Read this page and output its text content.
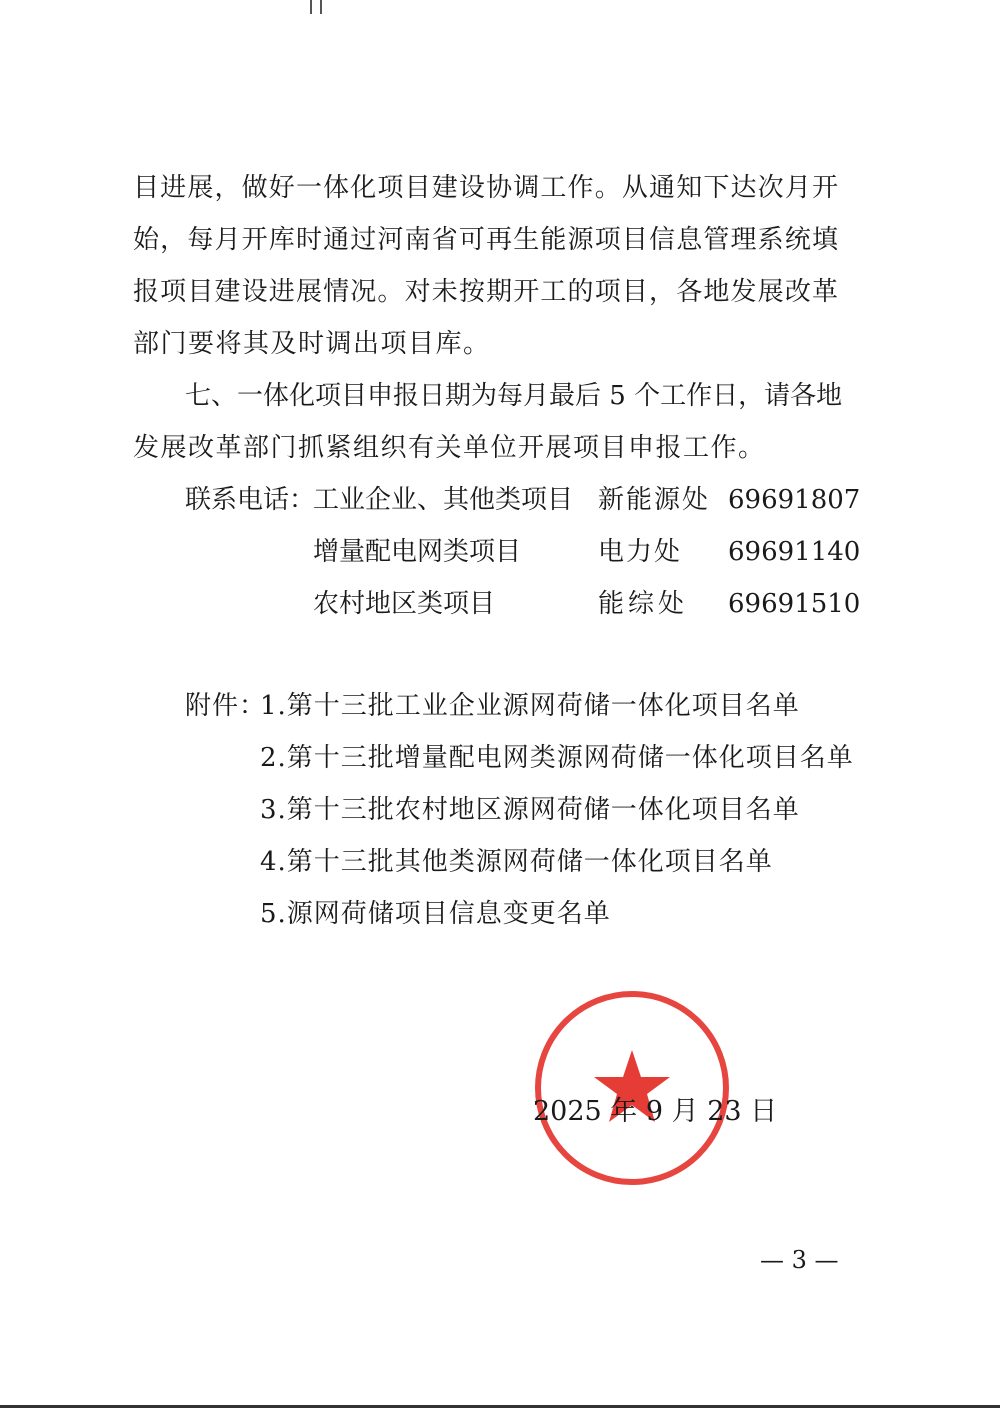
目进展，做好一体化项目建设协调工作。从通知下达次月开
始，每月开库时通过河南省可再生能源项目信息管理系统填
报项目建设进展情况。对未按期开工的项目，各地发展改革
部门要将其及时调出项目库。
七、一体化项目申报日期为每月最后 5 个工作日，请各地
发展改革部门抓紧组织有关单位开展项目申报工作。
联系电话：
工业企业、其他类项目 新能源处 69691807
增量配电网类项目	电力处 69691140
农村地区类项目	能综处 69691510
附件：
1.第十三批工业企业源网荷储一体化项目名单
2.第十三批增量配电网类源网荷储一体化项目名单
3.第十三批农村地区源网荷储一体化项目名单
4.第十三批其他类源网荷储一体化项目名单
5.源网荷储项目信息变更名单
2025 年 9 月 23 日
— 3 —
